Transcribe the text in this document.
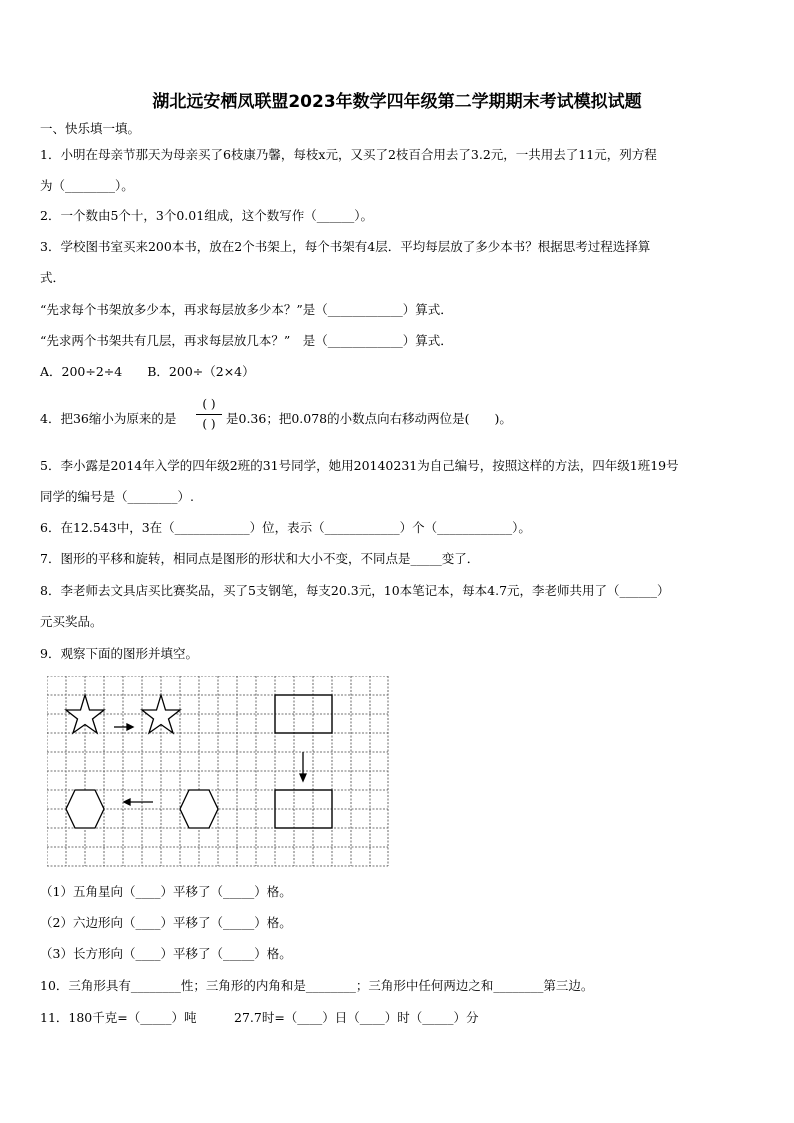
湖北远安栖凤联盟2023年数学四年级第二学期期末考试模拟试题
一、快乐填一填。
1．小明在母亲节那天为母亲买了6枝康乃馨，每枝x元，又买了2枝百合用去了3.2元，一共用去了11元，列方程
为（________）。
2．一个数由5个十，3个0.01组成，这个数写作（______）。
3．学校图书室买来200本书，放在2个书架上，每个书架有4层．平均每层放了多少本书？根据思考过程选择算
式．
“先求每个书架放多少本，再求每层放多少本？”是（____________）算式．
“先求两个书架共有几层，再求每层放几本？”　是（____________）算式．
A．200÷2÷4　　B．200÷（2×4）
4．把36缩小为原来的是
( )
( ) 是0.36；把0.078的小数点向右移动两位是(　　)。
5．李小露是2014年入学的四年级2班的31号同学，她用20140231为自己编号，按照这样的方法，四年级1班19号
同学的编号是（________）.
6．在12.543中，3在（____________）位，表示（____________）个（____________）。
7．图形的平移和旋转，相同点是图形的形状和大小不变，不同点是_____变了．
8．李老师去文具店买比赛奖品，买了5支钢笔，每支20.3元，10本笔记本，每本4.7元，李老师共用了（______）
元买奖品。
9．观察下面的图形并填空。
（1）五角星向（____）平移了（_____）格。
（2）六边形向（____）平移了（_____）格。
（3）长方形向（____）平移了（_____）格。
10．三角形具有________性；三角形的内角和是________；三角形中任何两边之和________第三边。
11．180千克=（_____）吨　　　27.7时=（____）日（____）时（_____）分
